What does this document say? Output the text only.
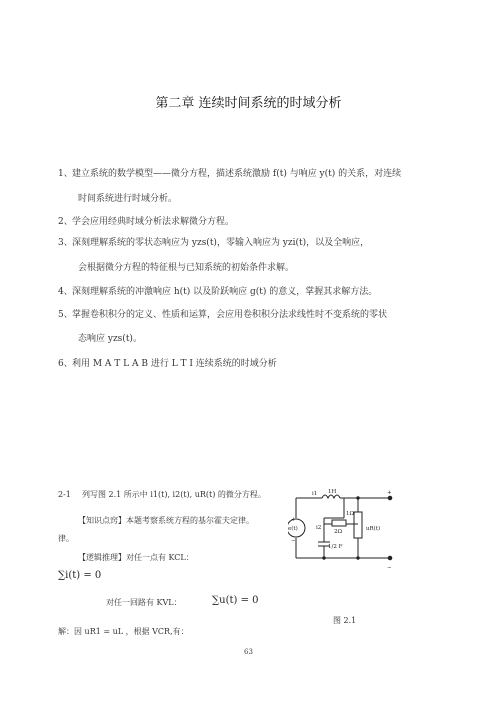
第二章 连续时间系统的时域分析
1、 建立系统的数学模型——微分方程，描述系统激励 f(t) 与响应 y(t) 的关系，对连续
时间系统进行时域分析。
2、 学会应用经典时域分析法求解微分方程。
3、 深刻理解系统的零状态响应为 yzs(t)，零输入响应为 yzi(t)，以及全响应，
会根据微分方程的特征根与已知系统的初始条件求解。
4、 深刻理解系统的冲激响应 h(t) 以及阶跃响应 g(t) 的意义，掌握其求解方法。
5、 掌握卷积积分的定义、性质和运算，会应用卷积积分法求线性时不变系统的零状
态响应 yzs(t)。
6、 利用 M A T L A B 进行 L T I 连续系统的时域分析
2-1 列写图 2.1 所示中 i1(t), i2(t), uR(t) 的微分方程。
【知识点窍】本题考察系统方程的基尔霍夫定律。
律。
【逻辑推理】对任一点有 KCL：
∑i(t) = 0
对任一回路有 KVL：	∑u(t) = 0
解：因 uR1 = uL ，根据 VCR,有：
e(t)
+
−
1H
i1
i2
2Ω
1Ω
1/2 F
uR(t)
+
−
图 2.1
63
